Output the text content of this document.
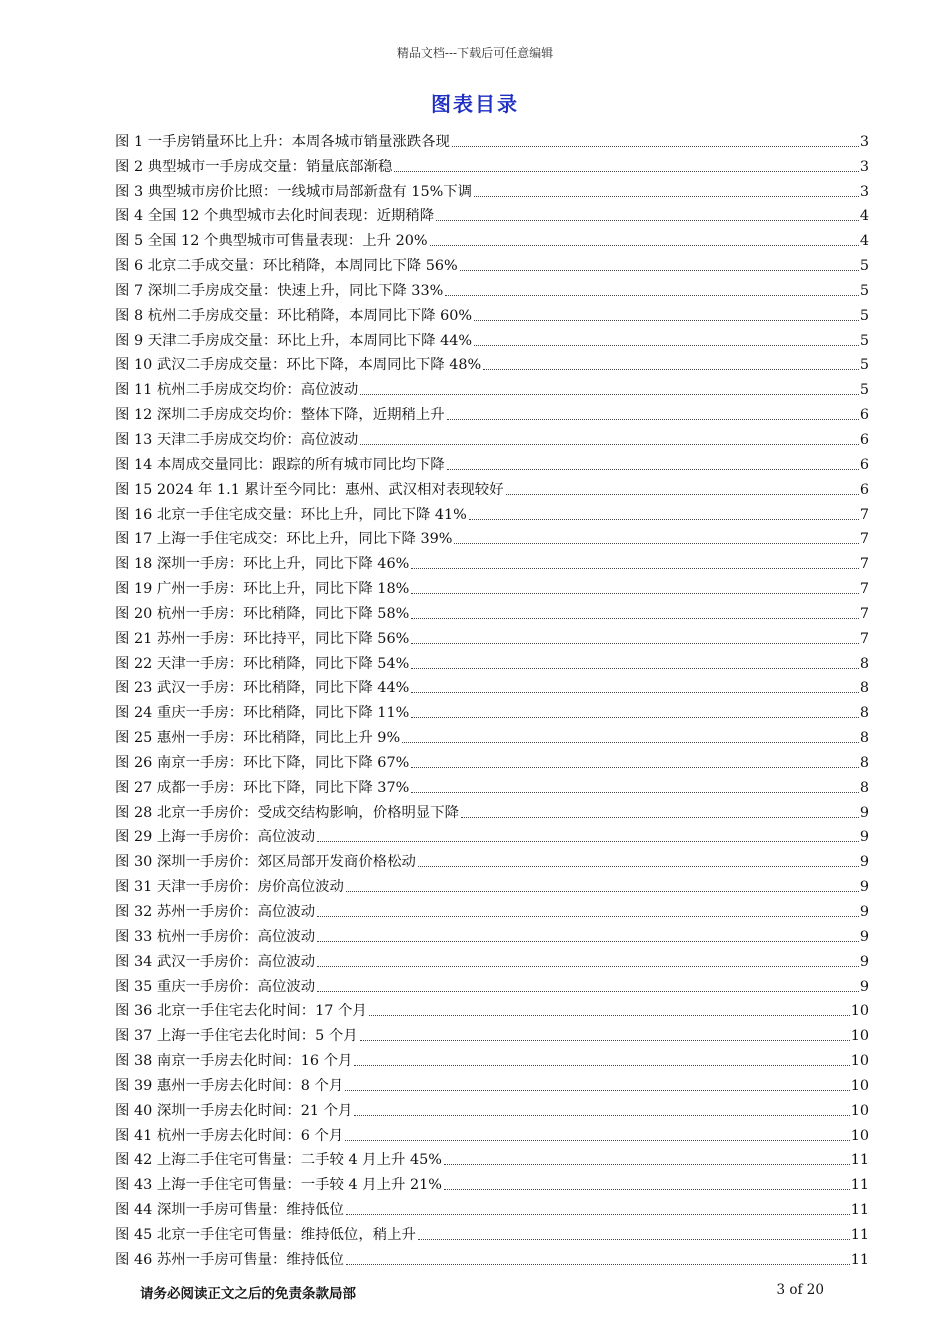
精品文档---下载后可任意编辑
图表目录
图 1 一手房销量环比上升：本周各城市销量涨跌各现	3
图 2 典型城市一手房成交量：销量底部渐稳	3
图 3 典型城市房价比照：一线城市局部新盘有 15%下调	3
图 4 全国 12 个典型城市去化时间表现：近期稍降	4
图 5 全国 12 个典型城市可售量表现：上升 20%	4
图 6 北京二手成交量：环比稍降，本周同比下降 56%	5
图 7 深圳二手房成交量：快速上升，同比下降 33%	5
图 8 杭州二手房成交量：环比稍降，本周同比下降 60%	5
图 9 天津二手房成交量：环比上升，本周同比下降 44%	5
图 10 武汉二手房成交量：环比下降，本周同比下降 48%	5
图 11 杭州二手房成交均价：高位波动	5
图 12 深圳二手房成交均价：整体下降，近期稍上升	6
图 13 天津二手房成交均价：高位波动	6
图 14 本周成交量同比：跟踪的所有城市同比均下降	6
图 15 2024 年 1.1 累计至今同比：惠州、武汉相对表现较好	6
图 16 北京一手住宅成交量：环比上升，同比下降 41%	7
图 17 上海一手住宅成交：环比上升，同比下降 39%	7
图 18 深圳一手房：环比上升，同比下降 46%	7
图 19 广州一手房：环比上升，同比下降 18%	7
图 20 杭州一手房：环比稍降，同比下降 58%	7
图 21 苏州一手房：环比持平，同比下降 56%	7
图 22 天津一手房：环比稍降，同比下降 54%	8
图 23 武汉一手房：环比稍降，同比下降 44%	8
图 24 重庆一手房：环比稍降，同比下降 11%	8
图 25 惠州一手房：环比稍降，同比上升 9%	8
图 26 南京一手房：环比下降，同比下降 67%	8
图 27 成都一手房：环比下降，同比下降 37%	8
图 28 北京一手房价：受成交结构影响，价格明显下降	9
图 29 上海一手房价：高位波动	9
图 30 深圳一手房价：郊区局部开发商价格松动	9
图 31 天津一手房价：房价高位波动	9
图 32 苏州一手房价：高位波动	9
图 33 杭州一手房价：高位波动	9
图 34 武汉一手房价：高位波动	9
图 35 重庆一手房价：高位波动	9
图 36 北京一手住宅去化时间：17 个月	10
图 37 上海一手住宅去化时间：5 个月	10
图 38 南京一手房去化时间：16 个月	10
图 39 惠州一手房去化时间：8 个月	10
图 40 深圳一手房去化时间：21 个月	10
图 41 杭州一手房去化时间：6 个月	10
图 42 上海二手住宅可售量：二手较 4 月上升 45%	11
图 43 上海一手住宅可售量：一手较 4 月上升 21%	11
图 44 深圳一手房可售量：维持低位	11
图 45 北京一手住宅可售量：维持低位，稍上升	11
图 46 苏州一手房可售量：维持低位	11
请务必阅读正文之后的免责条款局部	3 of 20
